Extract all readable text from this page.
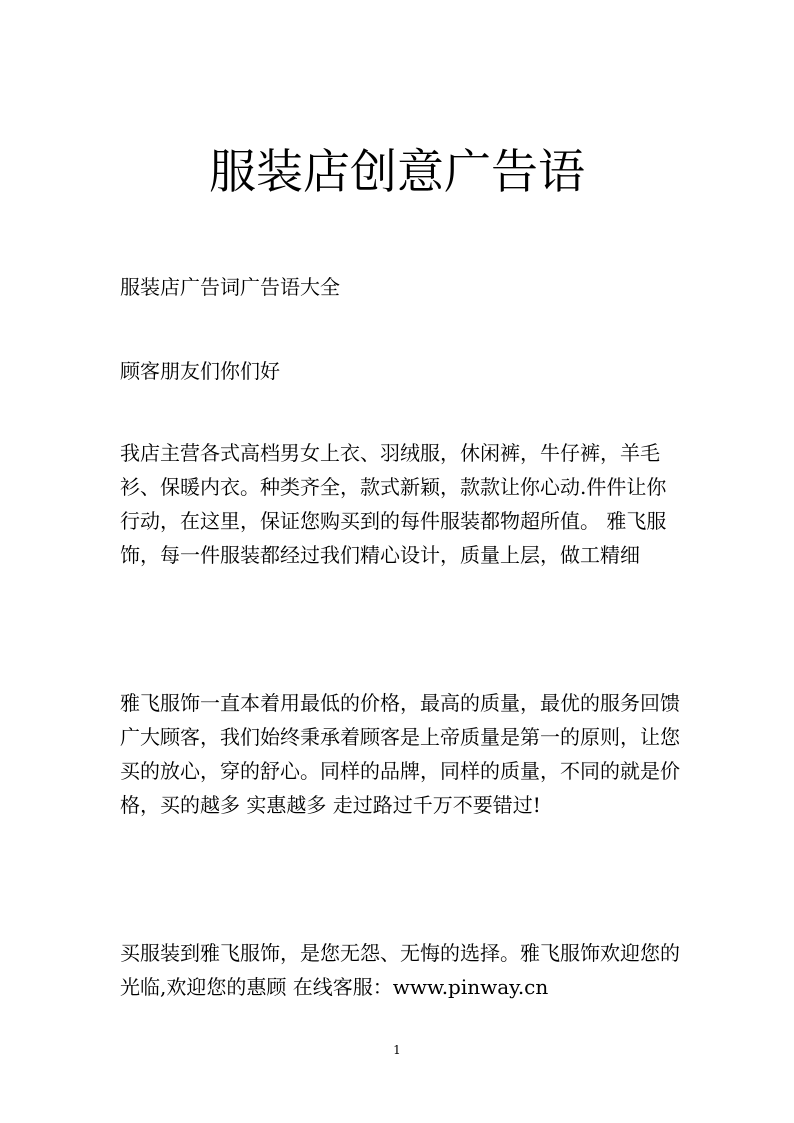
服装店创意广告语

服装店广告词广告语大全

顾客朋友们你们好

我店主营各式高档男女上衣、羽绒服，休闲裤，牛仔裤，羊毛衫、保暖内衣。种类齐全，款式新颖，款款让你心动.件件让你行动，在这里，保证您购买到的每件服装都物超所值。 雅飞服饰，每一件服装都经过我们精心设计，质量上层，做工精细

雅飞服饰一直本着用最低的价格，最高的质量，最优的服务回馈广大顾客，我们始终秉承着顾客是上帝质量是第一的原则，让您买的放心，穿的舒心。同样的品牌，同样的质量，不同的就是价格，买的越多 实惠越多 走过路过千万不要错过!

买服装到雅飞服饰，是您无怨、无悔的选择。雅飞服饰欢迎您的光临,欢迎您的惠顾 在线客服：www.pinway.cn

1
